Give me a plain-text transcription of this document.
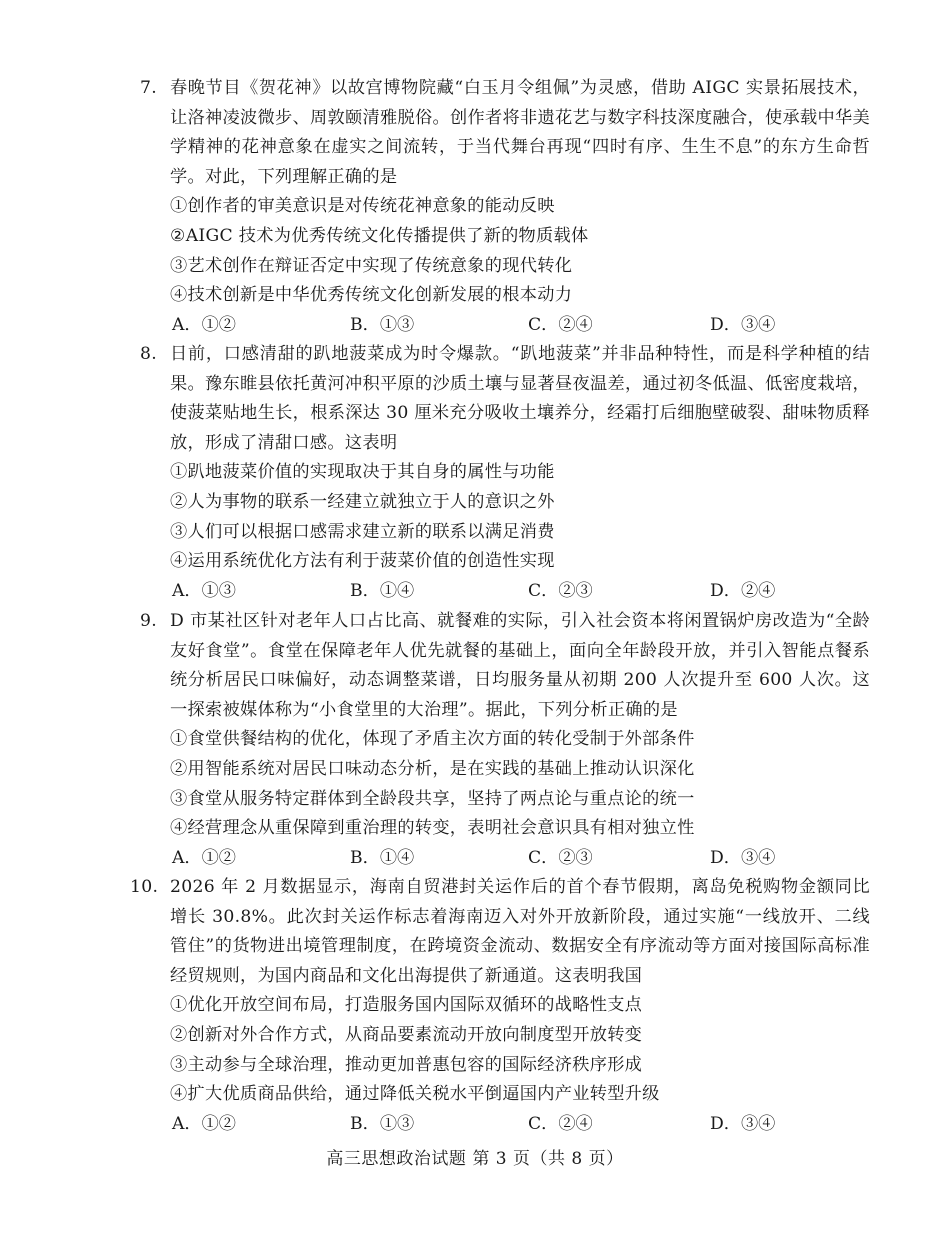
7. 春晚节目《贺花神》以故宫博物院藏“白玉月令组佩”为灵感，借助 AIGC 实景拓展技术，让洛神凌波微步、周敦颐清雅脱俗。创作者将非遗花艺与数字科技深度融合，使承载中华美学精神的花神意象在虚实之间流转，于当代舞台再现“四时有序、生生不息”的东方生命哲学。对此，下列理解正确的是
①创作者的审美意识是对传统花神意象的能动反映
②AIGC 技术为优秀传统文化传播提供了新的物质载体
③艺术创作在辩证否定中实现了传统意象的现代转化
④技术创新是中华优秀传统文化创新发展的根本动力
A．①②	B．①③	C．②④	D．③④
8. 日前，口感清甜的趴地菠菜成为时令爆款。“趴地菠菜”并非品种特性，而是科学种植的结果。豫东睢县依托黄河冲积平原的沙质土壤与显著昼夜温差，通过初冬低温、低密度栽培，使菠菜贴地生长，根系深达 30 厘米充分吸收土壤养分，经霜打后细胞壁破裂、甜味物质释放，形成了清甜口感。这表明
①趴地菠菜价值的实现取决于其自身的属性与功能
②人为事物的联系一经建立就独立于人的意识之外
③人们可以根据口感需求建立新的联系以满足消费
④运用系统优化方法有利于菠菜价值的创造性实现
A．①③	B．①④	C．②③	D．②④
9. D 市某社区针对老年人口占比高、就餐难的实际，引入社会资本将闲置锅炉房改造为“全龄友好食堂”。食堂在保障老年人优先就餐的基础上，面向全年龄段开放，并引入智能点餐系统分析居民口味偏好，动态调整菜谱，日均服务量从初期 200 人次提升至 600 人次。这一探索被媒体称为“小食堂里的大治理”。据此，下列分析正确的是
①食堂供餐结构的优化，体现了矛盾主次方面的转化受制于外部条件
②用智能系统对居民口味动态分析，是在实践的基础上推动认识深化
③食堂从服务特定群体到全龄段共享，坚持了两点论与重点论的统一
④经营理念从重保障到重治理的转变，表明社会意识具有相对独立性
A．①②	B．①④	C．②③	D．③④
10. 2026 年 2 月数据显示，海南自贸港封关运作后的首个春节假期，离岛免税购物金额同比增长 30.8%。此次封关运作标志着海南迈入对外开放新阶段，通过实施“一线放开、二线管住”的货物进出境管理制度，在跨境资金流动、数据安全有序流动等方面对接国际高标准经贸规则，为国内商品和文化出海提供了新通道。这表明我国
①优化开放空间布局，打造服务国内国际双循环的战略性支点
②创新对外合作方式，从商品要素流动开放向制度型开放转变
③主动参与全球治理，推动更加普惠包容的国际经济秩序形成
④扩大优质商品供给，通过降低关税水平倒逼国内产业转型升级
A．①②	B．①③	C．②④	D．③④
高三思想政治试题 第 3 页（共 8 页）
